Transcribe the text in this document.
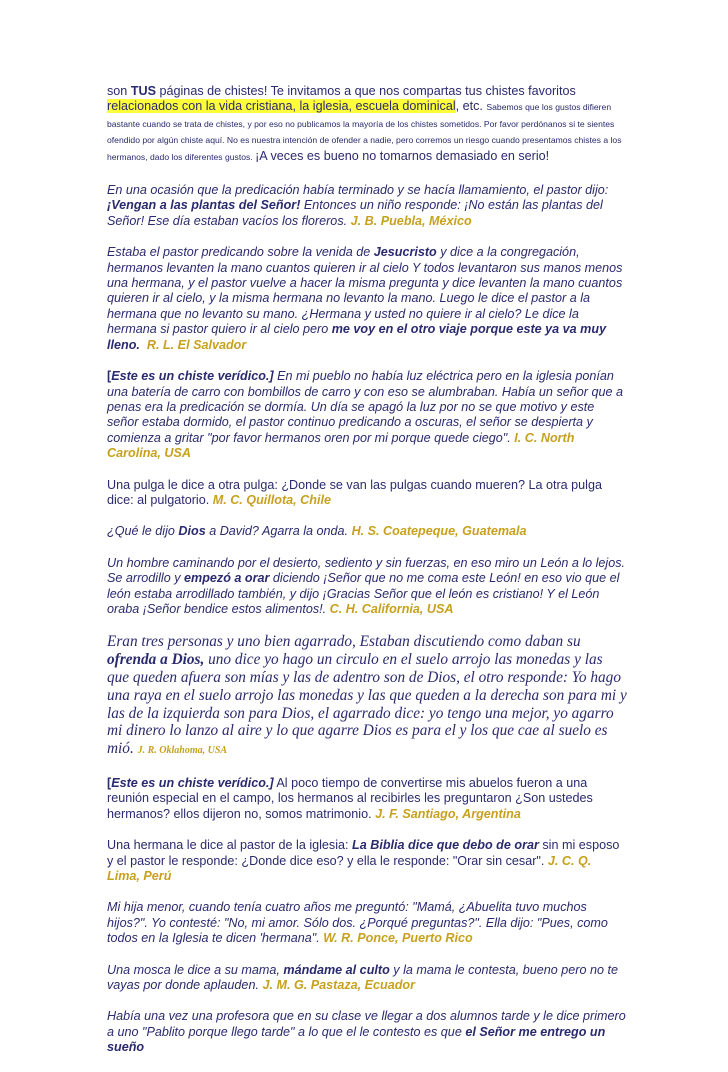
son TUS páginas de chistes! Te invitamos a que nos compartas tus chistes favoritos relacionados con la vida cristiana, la iglesia, escuela dominical, etc. Sabemos que los gustos difieren bastante cuando se trata de chistes, y por eso no publicamos la mayoría de los chistes sometidos. Por favor perdónanos si te sientes ofendido por algún chiste aquí. No es nuestra intención de ofender a nadie, pero corremos un riesgo cuando presentamos chistes a los hermanos, dado los diferentes gustos. ¡A veces es bueno no tomarnos demasiado en serio!

En una ocasión que la predicación había terminado y se hacía llamamiento, el pastor dijo: ¡Vengan a las plantas del Señor! Entonces un niño responde: ¡No están las plantas del Señor! Ese día estaban vacíos los floreros. J. B. Puebla, México

Estaba el pastor predicando sobre la venida de Jesucristo y dice a la congregación, hermanos levanten la mano cuantos quieren ir al cielo Y todos levantaron sus manos menos una hermana, y el pastor vuelve a hacer la misma pregunta y dice levanten la mano cuantos quieren ir al cielo, y la misma hermana no levanto la mano. Luego le dice el pastor a la hermana que no levanto su mano. ¿Hermana y usted no quiere ir al cielo? Le dice la hermana si pastor quiero ir al cielo pero me voy en el otro viaje porque este ya va muy lleno. R. L. El Salvador

[Este es un chiste verídico.] En mi pueblo no había luz eléctrica pero en la iglesia ponían una batería de carro con bombillos de carro y con eso se alumbraban. Había un señor que a penas era la predicación se dormía. Un día se apagó la luz por no se que motivo y este señor estaba dormido, el pastor continuo predicando a oscuras, el señor se despierta y comienza a gritar "por favor hermanos oren por mi porque quede ciego". I. C. North Carolina, USA

Una pulga le dice a otra pulga: ¿Donde se van las pulgas cuando mueren? La otra pulga dice: al pulgatorio. M. C. Quillota, Chile

¿Qué le dijo Dios a David? Agarra la onda. H. S. Coatepeque, Guatemala

Un hombre caminando por el desierto, sediento y sin fuerzas, en eso miro un León a lo lejos. Se arrodillo y empezó a orar diciendo ¡Señor que no me coma este León! en eso vio que el león estaba arrodillado también, y dijo ¡Gracias Señor que el león es cristiano! Y el León oraba ¡Señor bendice estos alimentos!. C. H. California, USA

Eran tres personas y uno bien agarrado, Estaban discutiendo como daban su ofrenda a Dios, uno dice yo hago un circulo en el suelo arrojo las monedas y las que queden afuera son mías y las de adentro son de Dios, el otro responde: Yo hago una raya en el suelo arrojo las monedas y las que queden a la derecha son para mi y las de la izquierda son para Dios, el agarrado dice: yo tengo una mejor, yo agarro mi dinero lo lanzo al aire y lo que agarre Dios es para el y los que cae al suelo es mió. J. R. Oklahoma, USA

[Este es un chiste verídico.] Al poco tiempo de convertirse mis abuelos fueron a una reunión especial en el campo, los hermanos al recibirles les preguntaron ¿Son ustedes hermanos? ellos dijeron no, somos matrimonio. J. F. Santiago, Argentina

Una hermana le dice al pastor de la iglesia: La Biblia dice que debo de orar sin mi esposo y el pastor le responde: ¿Donde dice eso? y ella le responde: "Orar sin cesar". J. C. Q. Lima, Perú

Mi hija menor, cuando tenía cuatro años me preguntó: "Mamá, ¿Abuelita tuvo muchos hijos?". Yo contesté: "No, mi amor. Sólo dos. ¿Porqué preguntas?". Ella dijo: "Pues, como todos en la Iglesia te dicen 'hermana". W. R. Ponce, Puerto Rico

Una mosca le dice a su mama, mándame al culto y la mama le contesta, bueno pero no te vayas por donde aplauden. J. M. G. Pastaza, Ecuador

Había una vez una profesora que en su clase ve llegar a dos alumnos tarde y le dice primero a uno "Pablito porque llego tarde" a lo que el le contesto es que el Señor me entrego un sueño
